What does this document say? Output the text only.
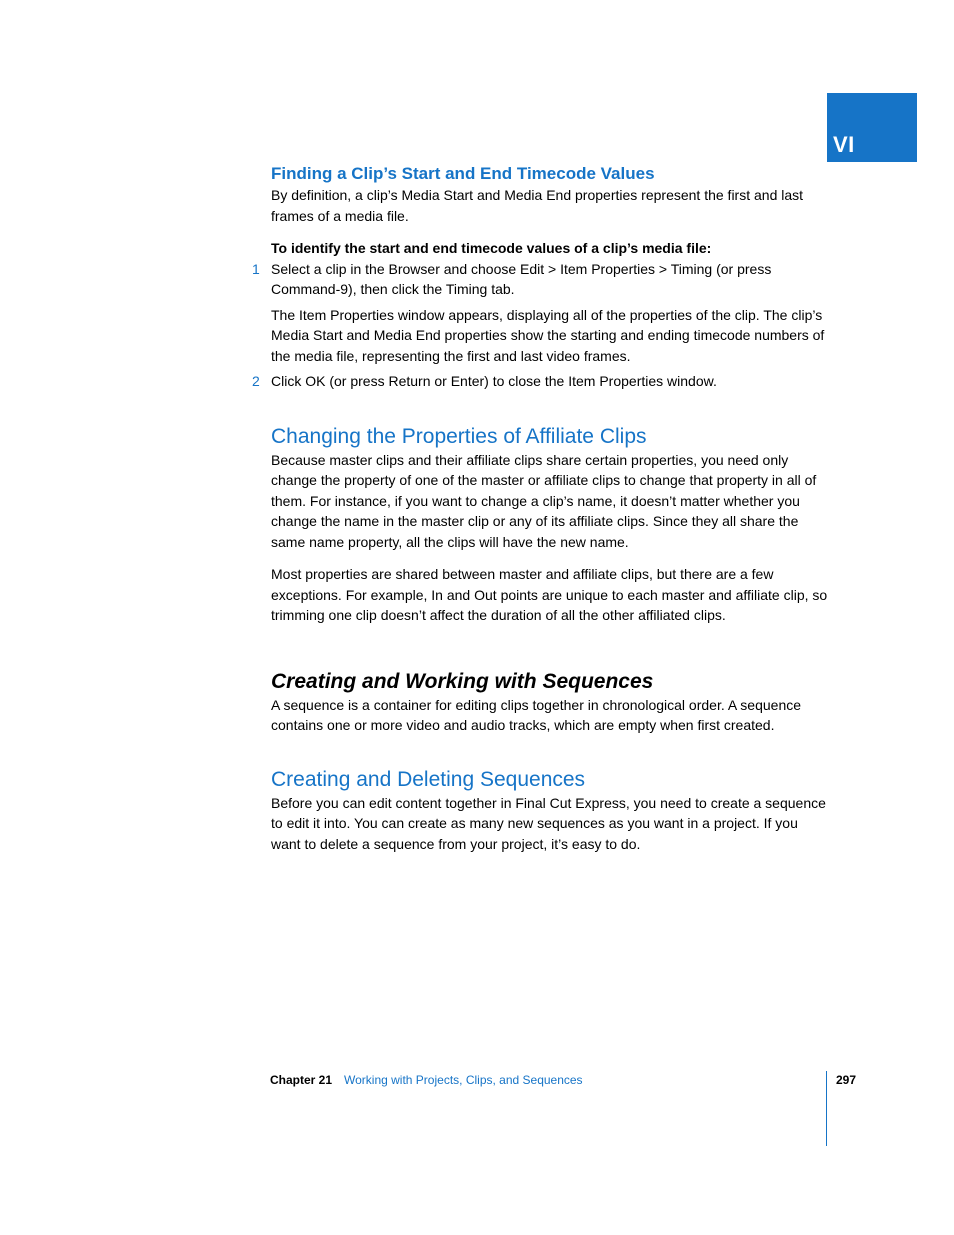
VI
Finding a Clip’s Start and End Timecode Values

By definition, a clip’s Media Start and Media End properties represent the first and last frames of a media file.

To identify the start and end timecode values of a clip’s media file:

1 Select a clip in the Browser and choose Edit > Item Properties > Timing (or press Command-9), then click the Timing tab.

The Item Properties window appears, displaying all of the properties of the clip. The clip’s Media Start and Media End properties show the starting and ending timecode numbers of the media file, representing the first and last video frames.

2 Click OK (or press Return or Enter) to close the Item Properties window.

Changing the Properties of Affiliate Clips

Because master clips and their affiliate clips share certain properties, you need only change the property of one of the master or affiliate clips to change that property in all of them. For instance, if you want to change a clip’s name, it doesn’t matter whether you change the name in the master clip or any of its affiliate clips. Since they all share the same name property, all the clips will have the new name.

Most properties are shared between master and affiliate clips, but there are a few exceptions. For example, In and Out points are unique to each master and affiliate clip, so trimming one clip doesn’t affect the duration of all the other affiliated clips.

Creating and Working with Sequences

A sequence is a container for editing clips together in chronological order. A sequence contains one or more video and audio tracks, which are empty when first created.

Creating and Deleting Sequences

Before you can edit content together in Final Cut Express, you need to create a sequence to edit it into. You can create as many new sequences as you want in a project. If you want to delete a sequence from your project, it’s easy to do.

Chapter 21 Working with Projects, Clips, and Sequences	297
